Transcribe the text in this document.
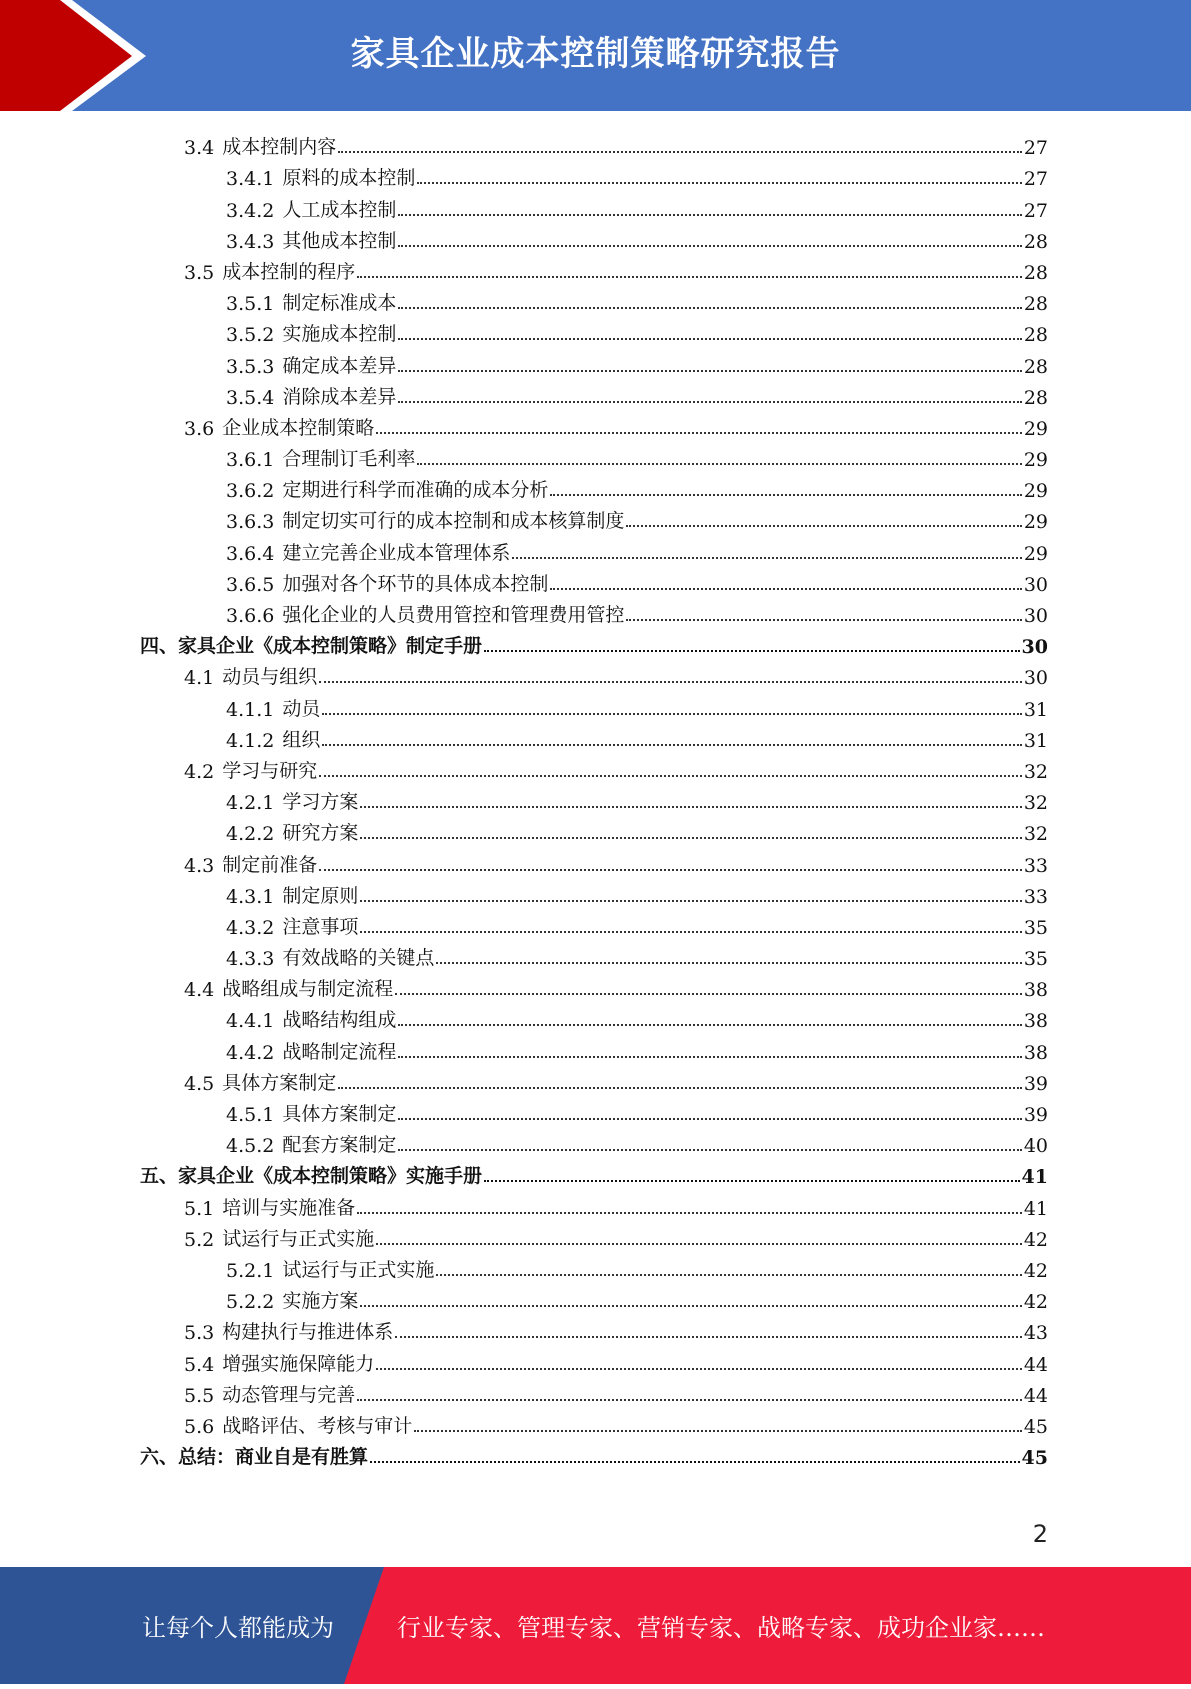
家具企业成本控制策略研究报告
3.4 成本控制内容	27
3.4.1 原料的成本控制	27
3.4.2 人工成本控制	27
3.4.3 其他成本控制	28
3.5 成本控制的程序	28
3.5.1 制定标准成本	28
3.5.2 实施成本控制	28
3.5.3 确定成本差异	28
3.5.4 消除成本差异	28
3.6 企业成本控制策略	29
3.6.1 合理制订毛利率	29
3.6.2 定期进行科学而准确的成本分析	29
3.6.3 制定切实可行的成本控制和成本核算制度	29
3.6.4 建立完善企业成本管理体系	29
3.6.5 加强对各个环节的具体成本控制	30
3.6.6 强化企业的人员费用管控和管理费用管控	30
四、家具企业《成本控制策略》制定手册	30
4.1 动员与组织	30
4.1.1 动员	31
4.1.2 组织	31
4.2 学习与研究	32
4.2.1 学习方案	32
4.2.2 研究方案	32
4.3 制定前准备	33
4.3.1 制定原则	33
4.3.2 注意事项	35
4.3.3 有效战略的关键点	35
4.4 战略组成与制定流程	38
4.4.1 战略结构组成	38
4.4.2 战略制定流程	38
4.5 具体方案制定	39
4.5.1 具体方案制定	39
4.5.2 配套方案制定	40
五、家具企业《成本控制策略》实施手册	41
5.1 培训与实施准备	41
5.2 试运行与正式实施	42
5.2.1 试运行与正式实施	42
5.2.2 实施方案	42
5.3 构建执行与推进体系	43
5.4 增强实施保障能力	44
5.5 动态管理与完善	44
5.6 战略评估、考核与审计	45
六、总结：商业自是有胜算	45
2
让每个人都能成为	行业专家、管理专家、营销专家、战略专家、成功企业家……
